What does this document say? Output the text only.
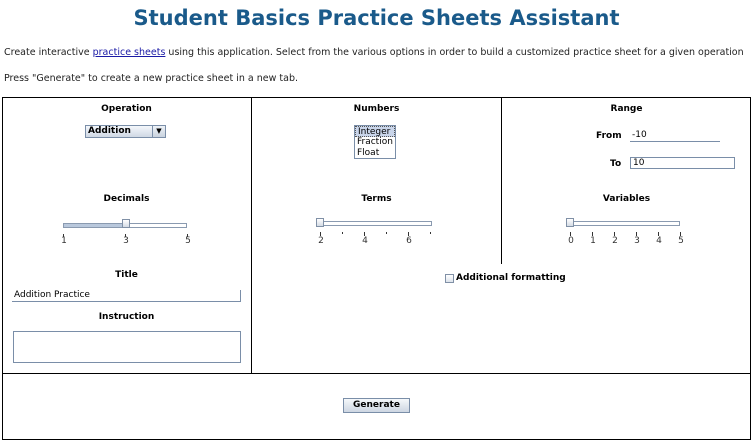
Student Basics Practice Sheets Assistant
Create interactive practice sheets using this application. Select from the various options in order to build a customized practice sheet for a given operation
Press "Generate" to create a new practice sheet in a new tab.
Operation
Addition	▼
Numbers
Integer
Fraction
Float
Range
From -10
To	10
Decimals
1	3	5
Terms
2	4	6
Variables
0	1	2	3	4	5
Title
Addition Practice
Instruction
Additional formatting
Generate
